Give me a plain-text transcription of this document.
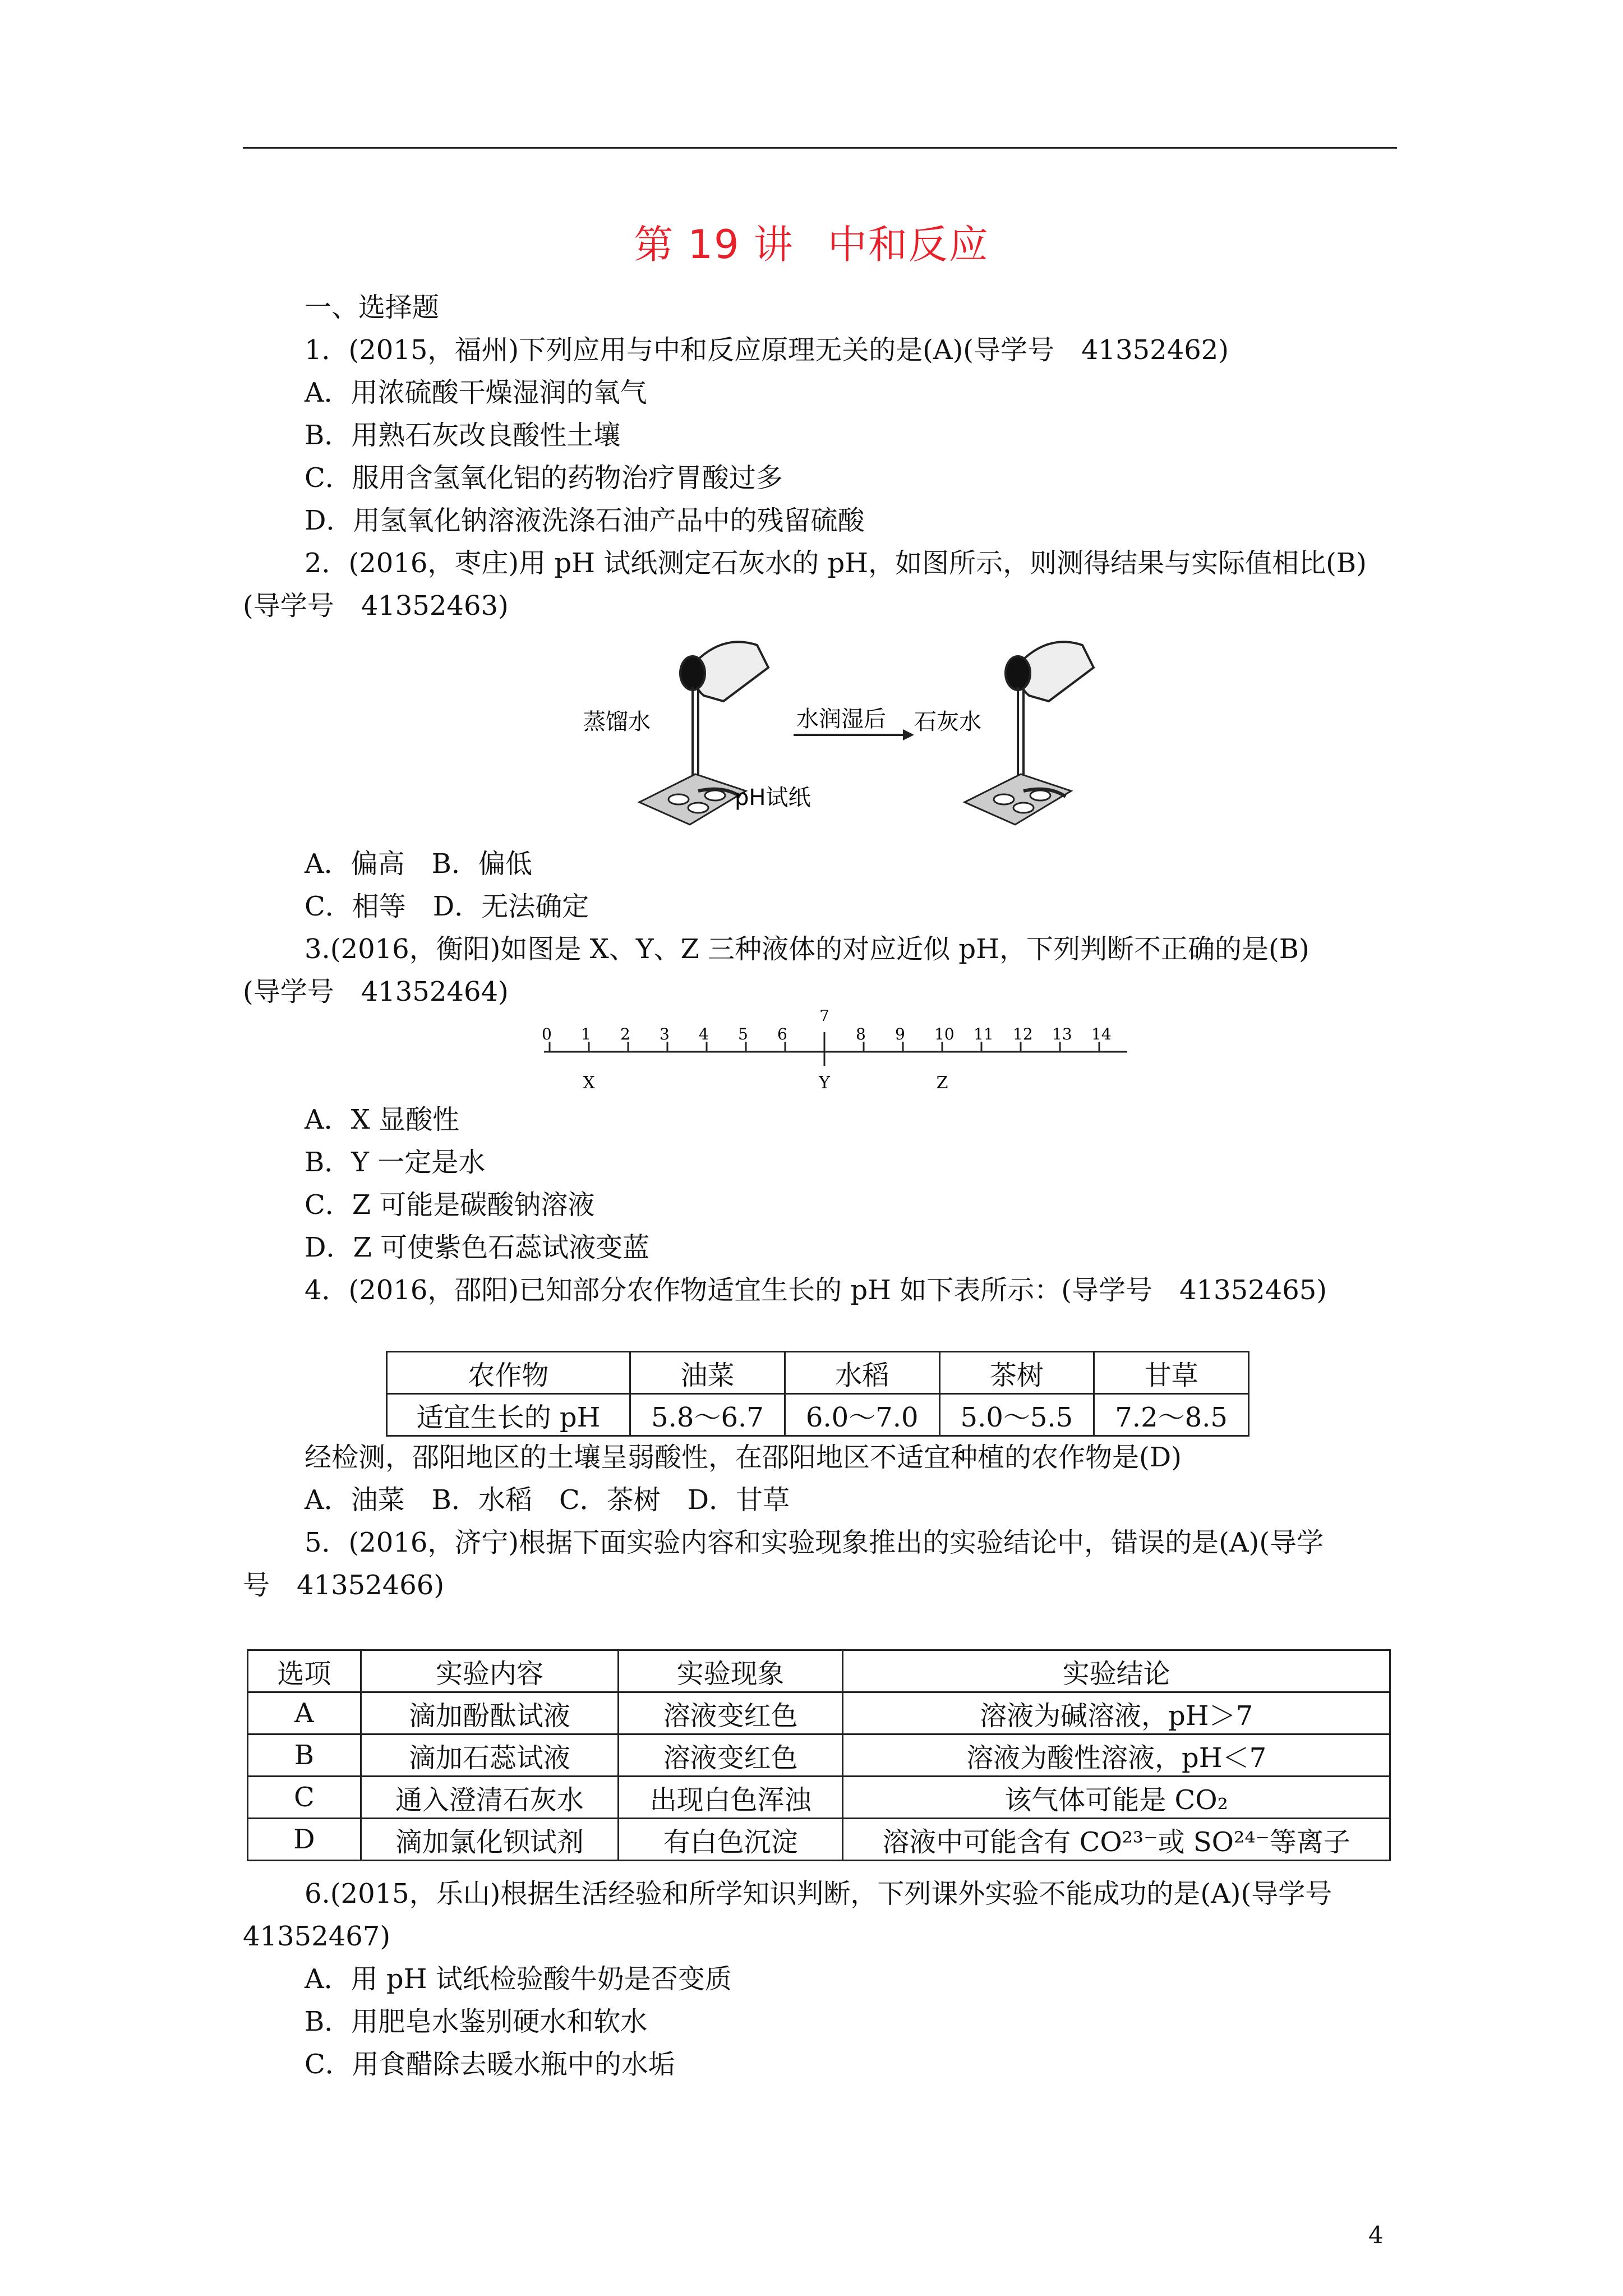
第 19 讲 中和反应
一、选择题
1．(2015，福州)下列应用与中和反应原理无关的是(A)(导学号　41352462)
A．用浓硫酸干燥湿润的氧气
B．用熟石灰改良酸性土壤
C．服用含氢氧化铝的药物治疗胃酸过多
D．用氢氧化钠溶液洗涤石油产品中的残留硫酸
2．(2016，枣庄)用 pH 试纸测定石灰水的 pH，如图所示，则测得结果与实际值相比(B)
(导学号　41352463)
蒸馏水
pH试纸
水润湿后 石灰水
A．偏高　B．偏低
C．相等　D．无法确定
3.(2016，衡阳)如图是 X、Y、Z 三种液体的对应近似 pH，下列判断不正确的是(B)
(导学号　41352464)
0 1 2 3 4 5 6
7
8 9 10 11 12 13 14
X	Y	Z
A．X 显酸性
B．Y 一定是水
C．Z 可能是碳酸钠溶液
D．Z 可使紫色石蕊试液变蓝
4．(2016，邵阳)已知部分农作物适宜生长的 pH 如下表所示：(导学号　41352465)
农作物	油菜	水稻	茶树	甘草
适宜生长的 pH	5.8～6.7	6.0～7.0	5.0～5.5	7.2～8.5
经检测，邵阳地区的土壤呈弱酸性，在邵阳地区不适宜种植的农作物是(D)
A．油菜　B．水稻　C．茶树　D．甘草
5．(2016，济宁)根据下面实验内容和实验现象推出的实验结论中，错误的是(A)(导学
号　41352466)
选项	实验内容	实验现象	实验结论
A	滴加酚酞试液	溶液变红色	溶液为碱溶液，pH＞7
B	滴加石蕊试液	溶液变红色	溶液为酸性溶液，pH＜7
C	通入澄清石灰水	出现白色浑浊	该气体可能是 CO₂
D	滴加氯化钡试剂	有白色沉淀	溶液中可能含有 CO²³⁻或 SO²⁴⁻等离子
6.(2015，乐山)根据生活经验和所学知识判断，下列课外实验不能成功的是(A)(导学号
41352467)
A．用 pH 试纸检验酸牛奶是否变质
B．用肥皂水鉴别硬水和软水
C．用食醋除去暖水瓶中的水垢
4
